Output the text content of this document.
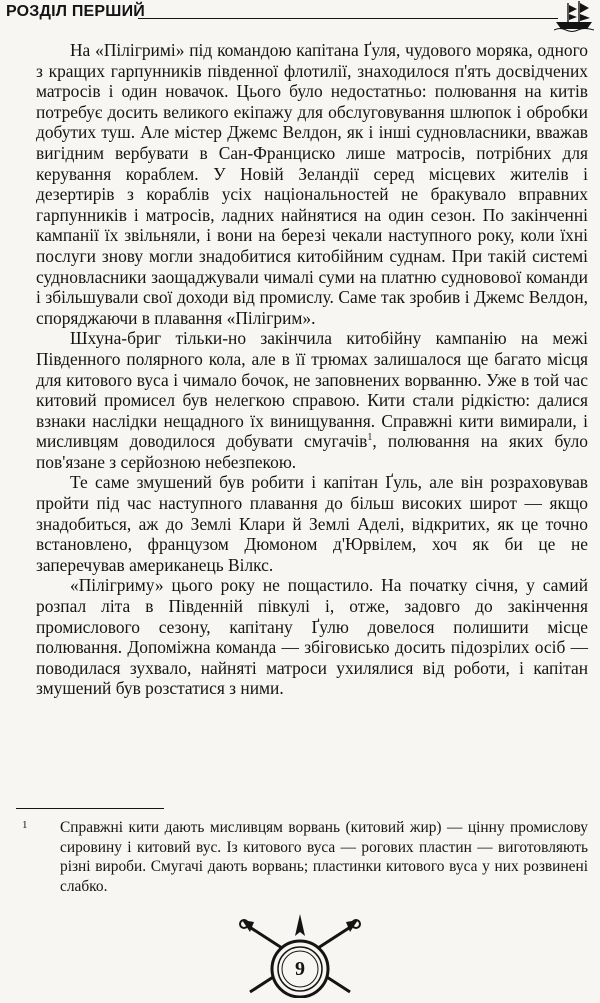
РОЗДІЛ ПЕРШИЙ

На «Пілігримі» під командою капітана Ґуля, чудового моряка, одного з кращих гарпунників південної флотилії, знаходилося п'ять досвідчених матросів і один новачок. Цього було недостатньо: полювання на китів потребує досить великого екіпажу для обслуговування шлюпок і обробки добутих туш. Але містер Джемс Велдон, як і інші судновласники, вважав вигідним вербувати в Сан-Франциско лише матросів, потрібних для керування кораблем. У Новій Зеландії серед місцевих жителів і дезертирів з кораблів усіх національностей не бракувало вправних гарпунників і матросів, ладних найнятися на один сезон. По закінченні кампанії їх звільняли, і вони на березі чекали наступного року, коли їхні послуги знову могли знадобитися китобійним суднам. При такій системі судновласники заощаджували чималі суми на платню судновової команди і збільшували свої доходи від промислу. Саме так зробив і Джемс Велдон, споряджаючи в плавання «Пілігрим».

Шхуна-бриг тільки-но закінчила китобійну кампанію на межі Південного полярного кола, але в її трюмах залишалося ще багато місця для китового вуса і чимало бочок, не заповнених ворванню. Уже в той час китовий промисел був нелегкою справою. Кити стали рідкістю: далися взнаки наслідки нещадного їх винищування. Справжні кити вимирали, і мисливцям доводилося добувати смугачів$^1$, полювання на яких було пов'язане з серйозною небезпекою.

Те саме змушений був робити і капітан Ґуль, але він розраховував пройти під час наступного плавання до більш високих широт — якщо знадобиться, аж до Землі Клари й Землі Аделі, відкритих, як це точно встановлено, французом Дюмоном д'Юрвілем, хоч як би це не заперечував американець Вілкс.

«Пілігриму» цього року не пощастило. На початку січня, у самий розпал літа в Південній півкулі і, отже, задовго до закінчення промислового сезону, капітану Ґулю довелося полишити місце полювання. Допоміжна команда — збіговисько досить підозрілих осіб — поводилася зухвало, найняті матроси ухилялися від роботи, і капітан змушений був розстатися з ними.

1 Справжні кити дають мисливцям ворвань (китовий жир) — цінну промислову сировину і китовий вус. Із китового вуса — рогових пластин — виготовляють різні вироби. Смугачі дають ворвань; пластинки китового вуса у них розвинені слабко.

9
